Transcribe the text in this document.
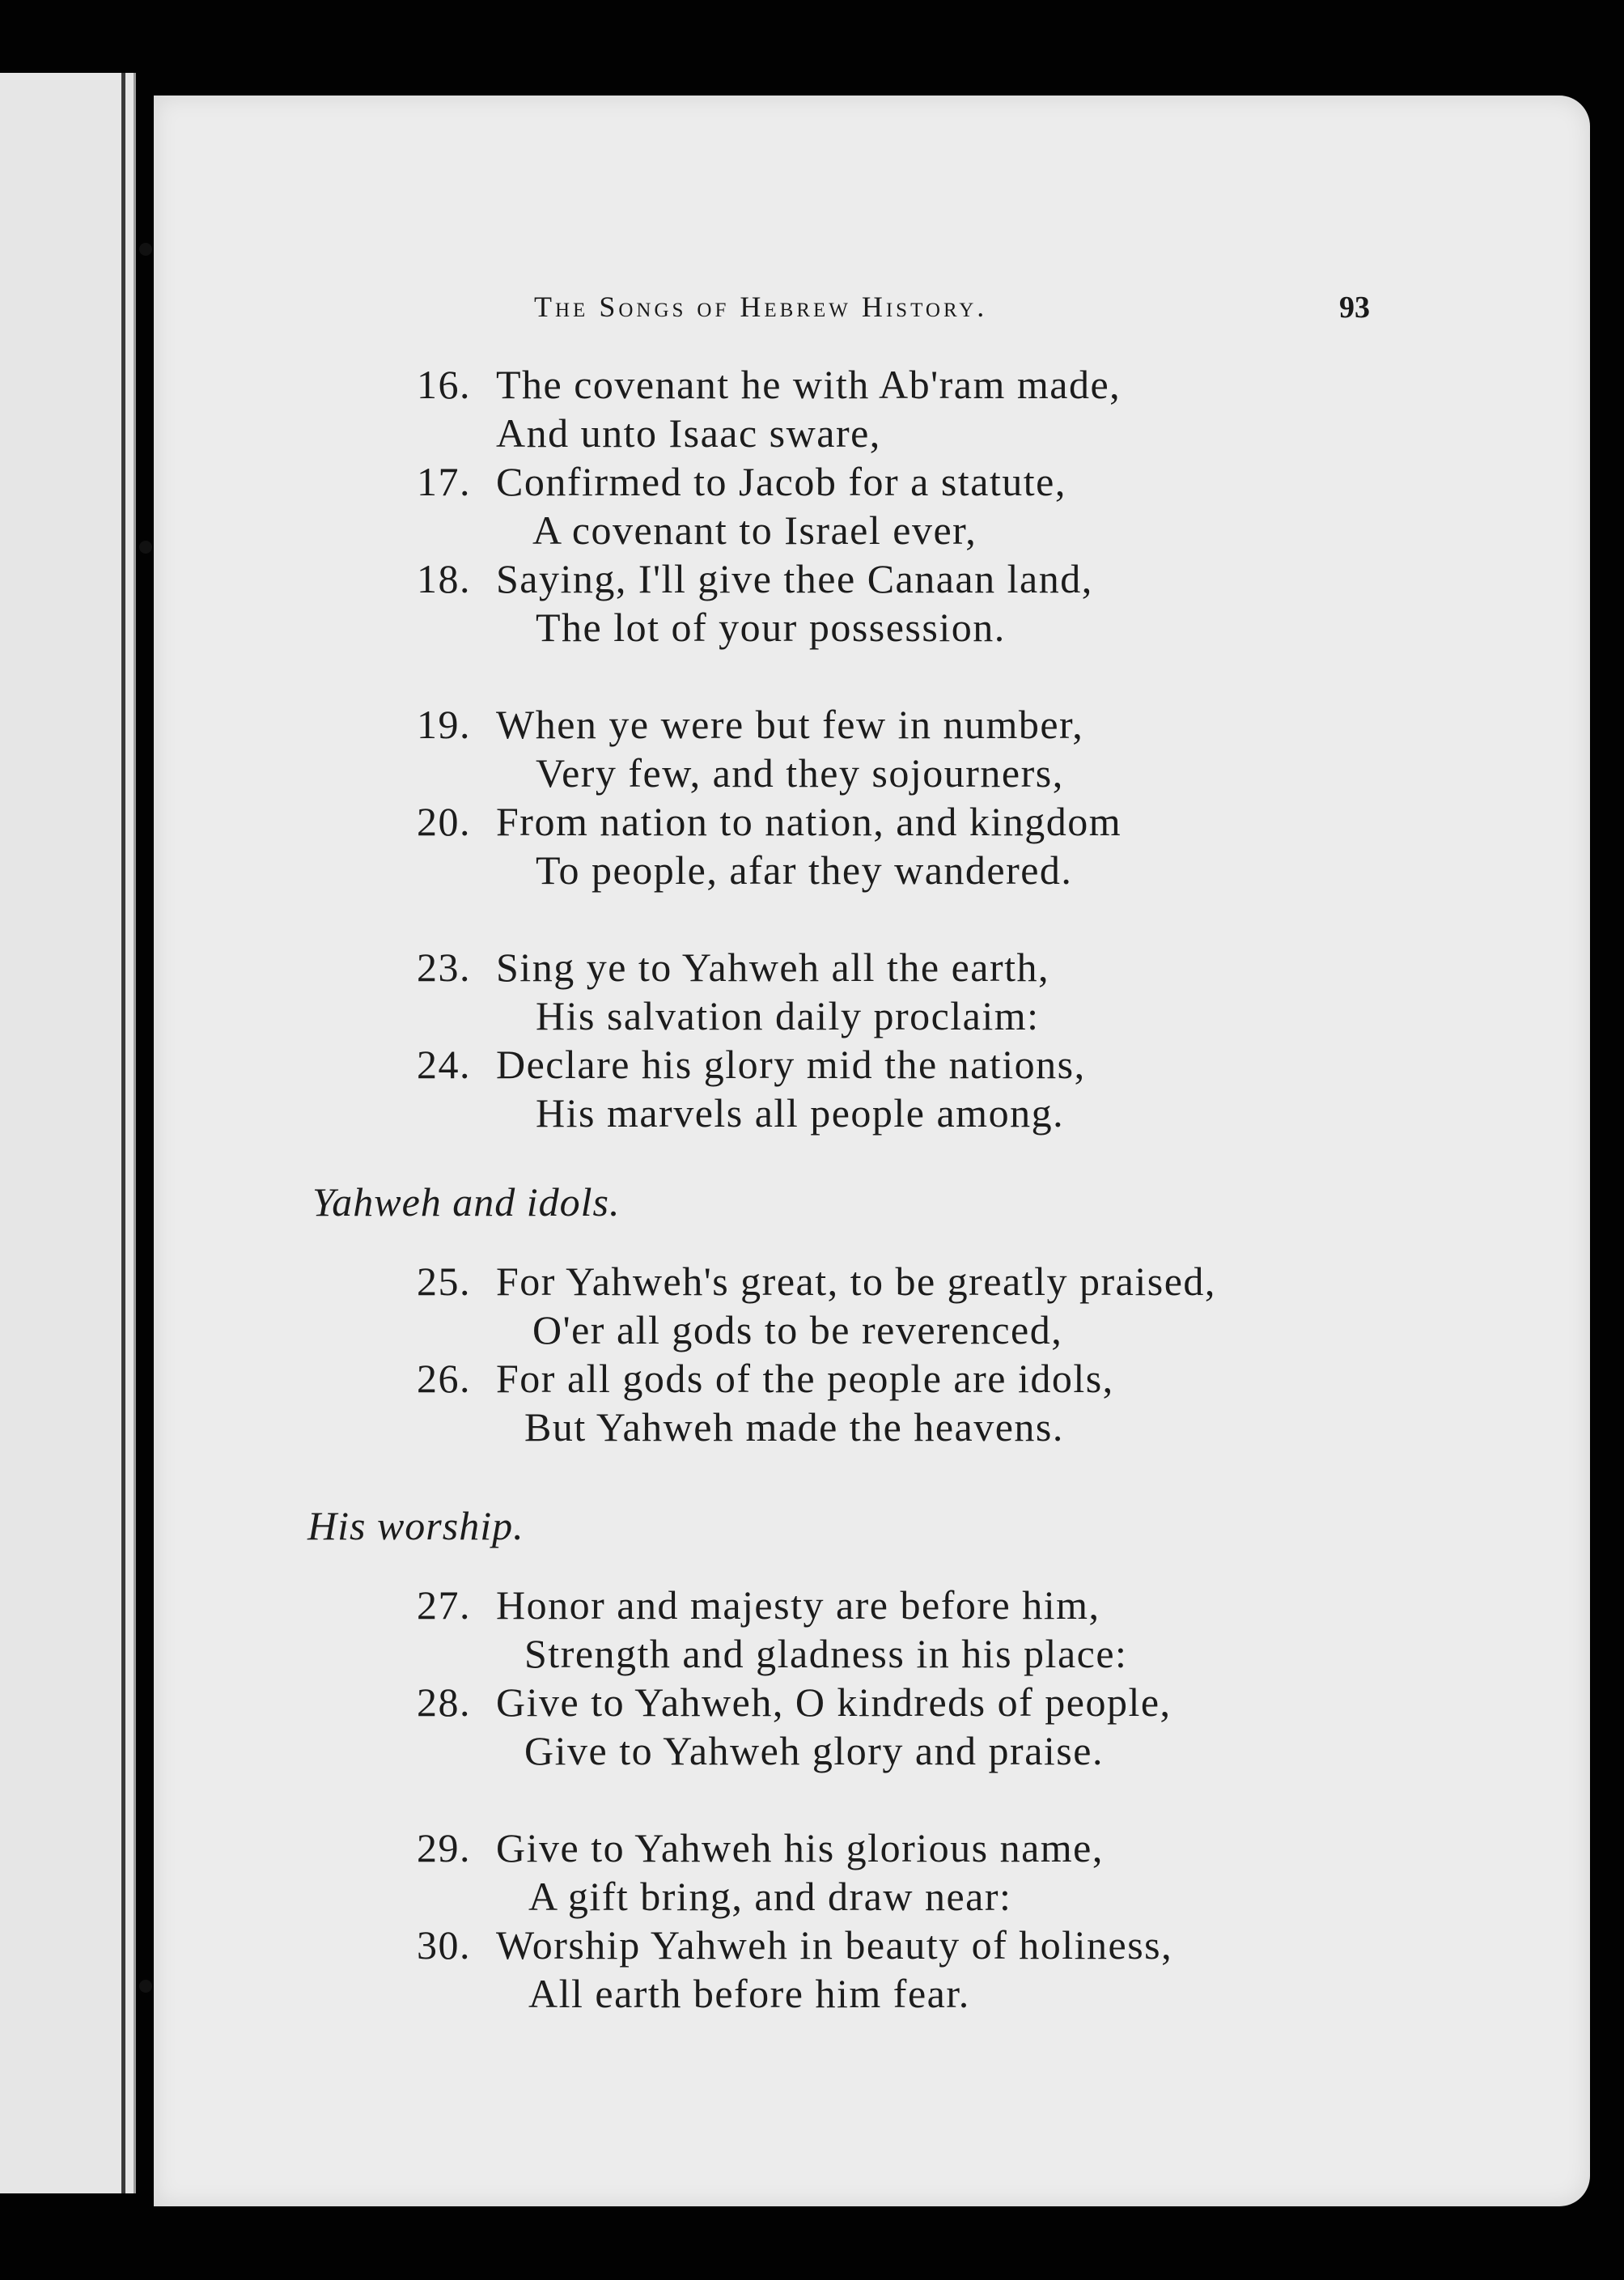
The Songs of Hebrew History.	93
16. The covenant he with Ab'ram made,
And unto Isaac sware,
17. Confirmed to Jacob for a statute,
A covenant to Israel ever,
18. Saying, I'll give thee Canaan land,
The lot of your possession.
19. When ye were but few in number,
Very few, and they sojourners,
20. From nation to nation, and kingdom
To people, afar they wandered.
23. Sing ye to Yahweh all the earth,
His salvation daily proclaim:
24. Declare his glory mid the nations,
His marvels all people among.
Yahweh and idols.
25. For Yahweh's great, to be greatly praised,
O'er all gods to be reverenced,
26. For all gods of the people are idols,
But Yahweh made the heavens.
His worship.
27. Honor and majesty are before him,
Strength and gladness in his place:
28. Give to Yahweh, O kindreds of people,
Give to Yahweh glory and praise.
29. Give to Yahweh his glorious name,
A gift bring, and draw near:
30. Worship Yahweh in beauty of holiness,
All earth before him fear.
